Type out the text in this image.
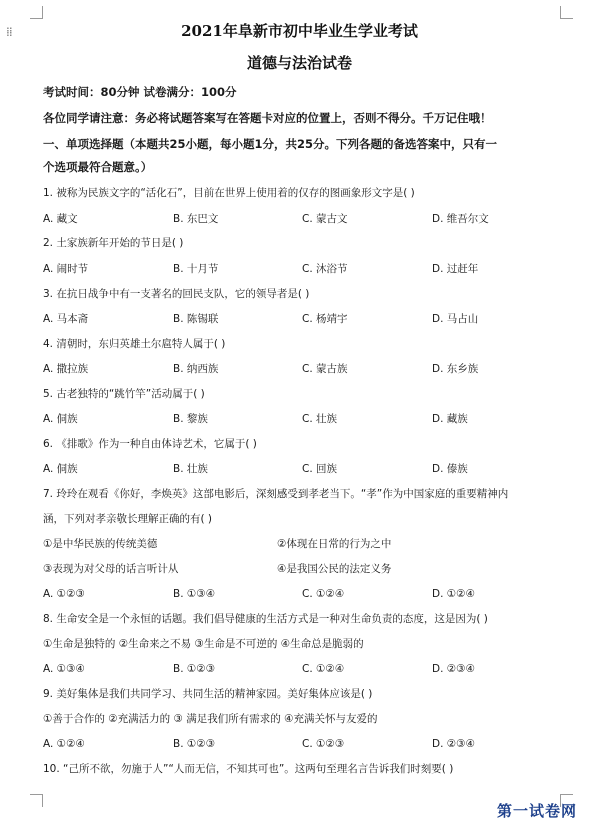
⁞⁞	2021年阜新市初中毕业生学业考试
道德与法治试卷
考试时间：80分钟 试卷满分：100分
各位同学请注意：务必将试题答案写在答题卡对应的位置上，否则不得分。千万记住哦！
一、单项选择题（本题共25小题，每小题1分，共25分。下列各题的备选答案中，只有一
个选项最符合题意。）
1. 被称为民族文字的“活化石”，目前在世界上使用着的仅存的图画象形文字是( )
A. 藏文	B. 东巴文	C. 蒙古文	D. 维吾尔文
2. 土家族新年开始的节日是( )
A. 闹时节	B. 十月节	C. 沐浴节	D. 过赶年
3. 在抗日战争中有一支著名的回民支队，它的领导者是( )
A. 马本斋	B. 陈锡联	C. 杨靖宇	D. 马占山
4. 清朝时，东归英雄土尔扈特人属于( )
A. 撒拉族	B. 纳西族	C. 蒙古族	D. 东乡族
5. 古老独特的“跳竹竿”活动属于( )
A. 侗族	B. 黎族	C. 壮族	D. 藏族
6. 《排歌》作为一种自由体诗艺术，它属于( )
A. 侗族	B. 壮族	C. 回族	D. 傣族
7. 玲玲在观看《你好，李焕英》这部电影后，深刻感受到孝老当下。“孝”作为中国家庭的重要精神内
涵，下列对孝亲敬长理解正确的有( )
①是中华民族的传统美德	②体现在日常的行为之中
③表现为对父母的话言听计从	④是我国公民的法定义务
A. ①②③	B. ①③④	C. ①②④	D. ①②④
8. 生命安全是一个永恒的话题。我们倡导健康的生活方式是一种对生命负责的态度，这是因为( )
①生命是独特的 ②生命来之不易 ③生命是不可逆的 ④生命总是脆弱的
A. ①③④	B. ①②③	C. ①②④	D. ②③④
9. 美好集体是我们共同学习、共同生活的精神家园。美好集体应该是( )
①善于合作的 ②充满活力的 ③ 满足我们所有需求的 ④充满关怀与友爱的
A. ①②④	B. ①②③	C. ①②③	D. ②③④
10. “己所不欲，勿施于人”“人而无信，不知其可也”。这两句至理名言告诉我们时刻要( )
第一试卷网
